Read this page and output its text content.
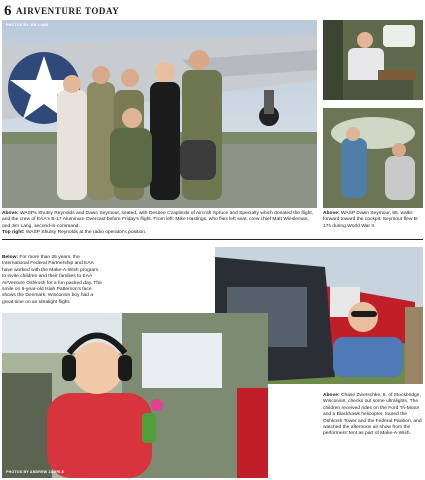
6 AIRVENTURE TODAY
PHOTOS BY JIM LABS
Above: WASPs Shutsy Reynolds and Dawn Seymour, seated, with Desiree Czaplinski of Aircraft Spruce and Specialty which donated the flight, and the crew of EAA's B-17 Aluminum Overcast before Friday's flight. From left: Mike Hastings, who flies left seat, crew chief Matt Wiesleman, and Jim Lang, second-in-command.
Top right: WASP Shutsy Reynolds at the radio operator's position.
Above: WASP Dawn Seymour, 95, walks forward toward the cockpit. Seymour flew B-17s during World War II.
Below: For more than 25 years, the International Federal Partnership and EAA have worked with the Make-A-Wish program to invite children and their families to EAA AirVenture Oshkosh for a fun packed day. The smile on 6-year-old Isiah Patterson's face shows the Denmark, Wisconsin boy had a great time on an ultralight flight.
PHOTOS BY ANDREW ZAHRLE
Above: Chase Zwerschke, 8, of Stockbridge, Wisconsin, checks out some ultralights. The children received rides on the Ford Tri-Motor and a Blackhawk helicopter, toured the Oshkosh Tower and the Federal Pavilion, and watched the afternoon air show from the performers' tent as part of Make-A-Wish.
